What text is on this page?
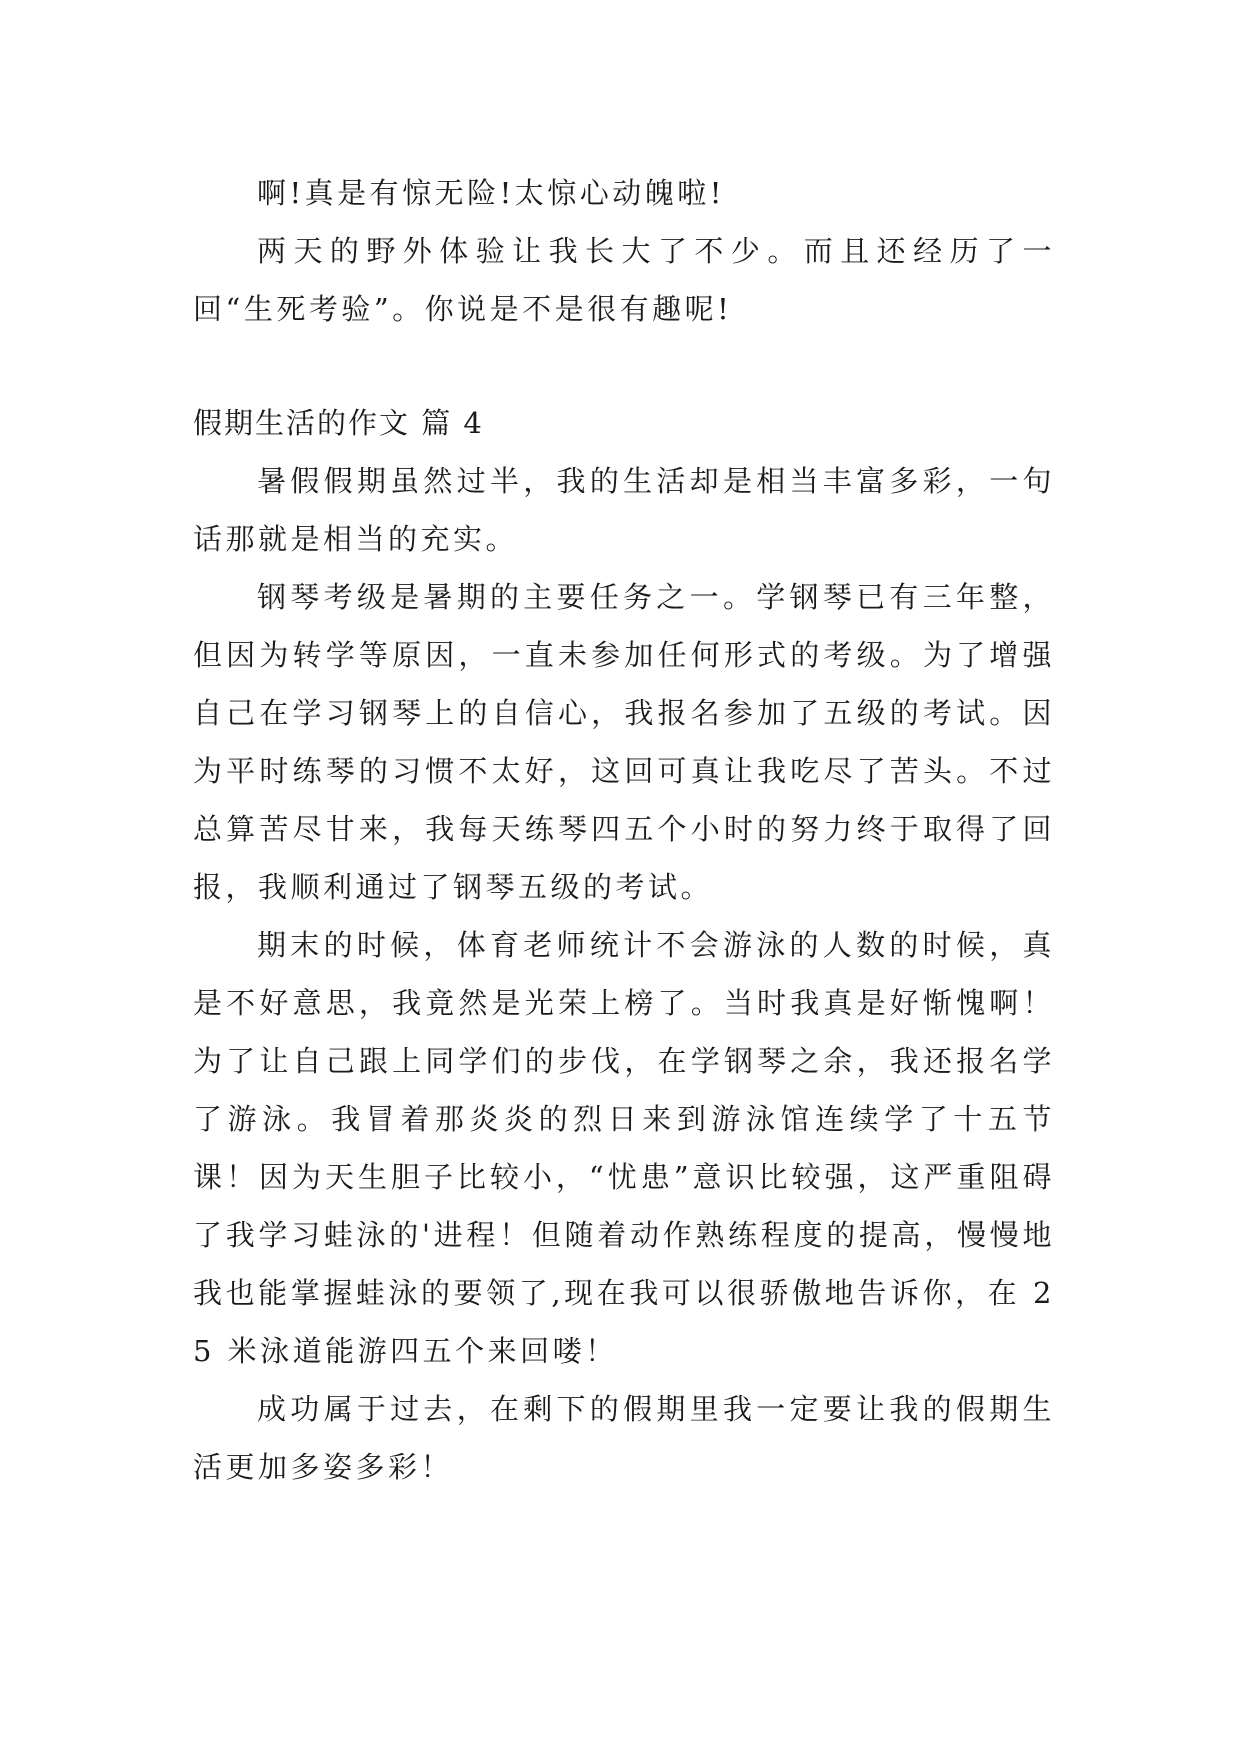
啊!真是有惊无险!太惊心动魄啦!

两天的野外体验让我长大了不少。而且还经历了一回“生死考验”。你说是不是很有趣呢!

假期生活的作文 篇 4

暑假假期虽然过半，我的生活却是相当丰富多彩，一句话那就是相当的充实。

钢琴考级是暑期的主要任务之一。学钢琴已有三年整，但因为转学等原因，一直未参加任何形式的考级。为了增强自己在学习钢琴上的自信心，我报名参加了五级的考试。因为平时练琴的习惯不太好，这回可真让我吃尽了苦头。不过总算苦尽甘来，我每天练琴四五个小时的努力终于取得了回报，我顺利通过了钢琴五级的考试。

期末的时候，体育老师统计不会游泳的人数的时候，真是不好意思，我竟然是光荣上榜了。当时我真是好惭愧啊！为了让自己跟上同学们的步伐，在学钢琴之余，我还报名学了游泳。我冒着那炎炎的烈日来到游泳馆连续学了十五节课！因为天生胆子比较小，“忧患”意识比较强，这严重阻碍了我学习蛙泳的'进程！但随着动作熟练程度的提高，慢慢地我也能掌握蛙泳的要领了,现在我可以很骄傲地告诉你，在 25 米泳道能游四五个来回喽！

成功属于过去，在剩下的假期里我一定要让我的假期生活更加多姿多彩！
